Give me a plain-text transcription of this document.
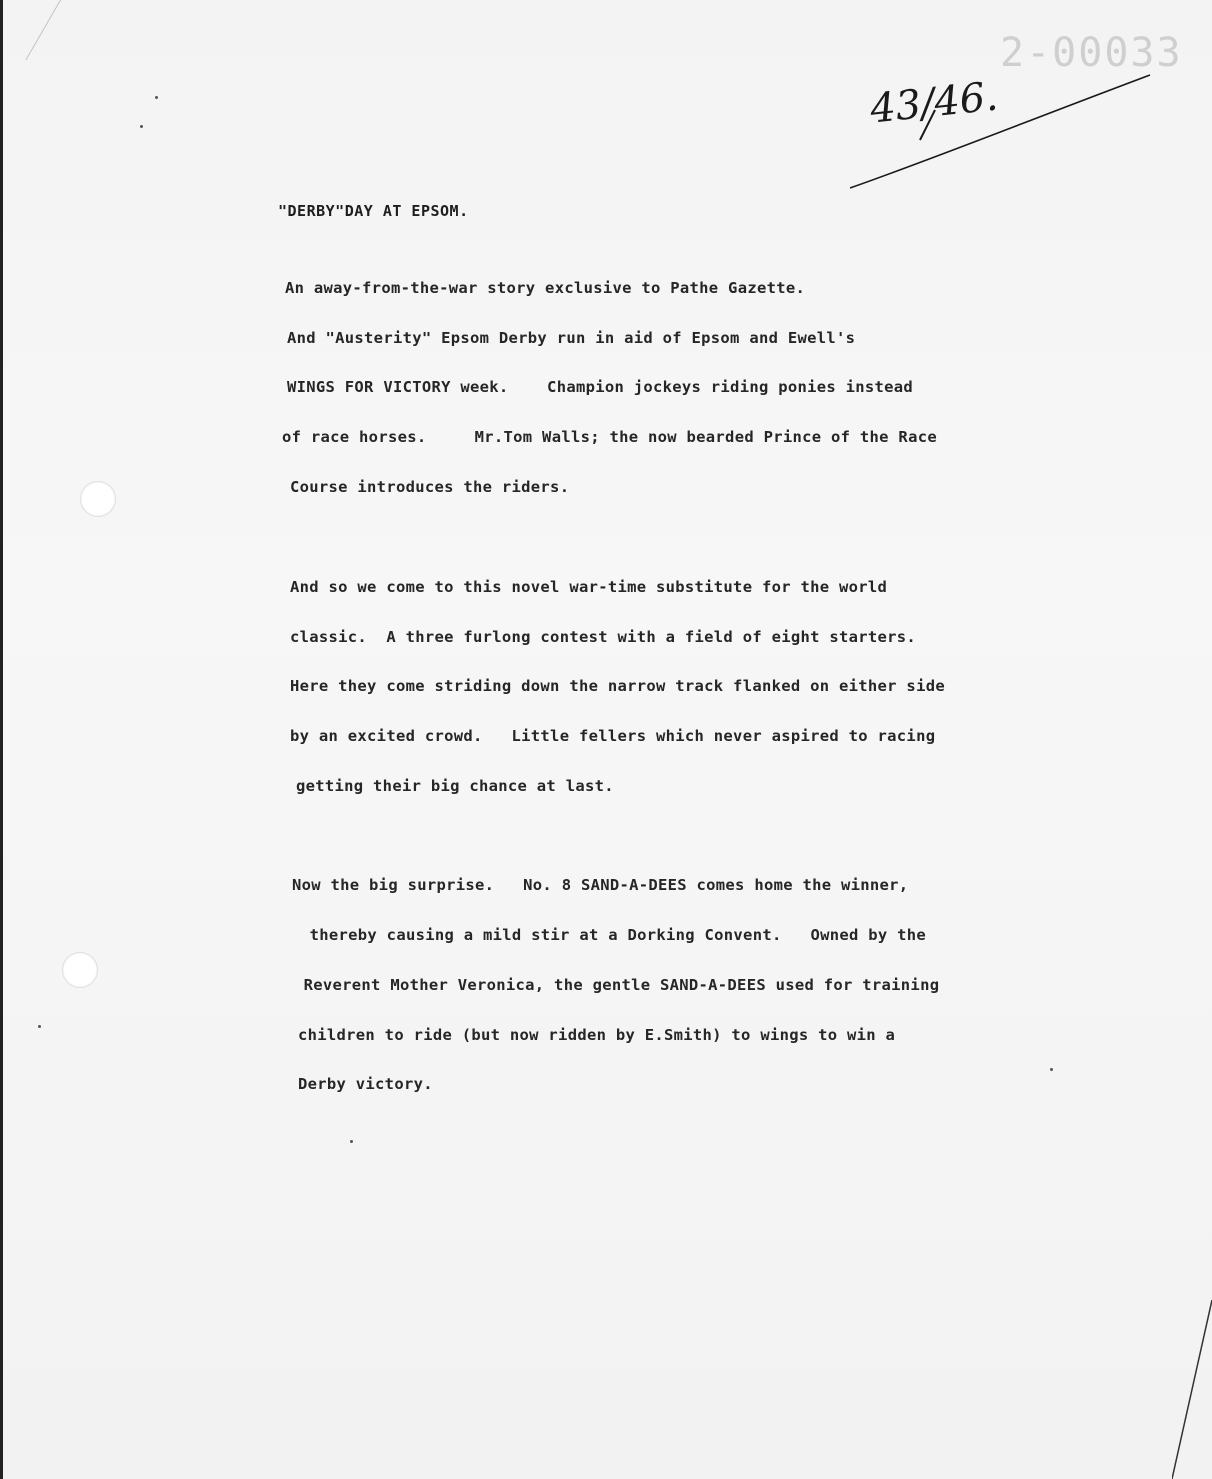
2-00033
43/46.
"DERBY"DAY AT EPSOM.
An away-from-the-war story exclusive to Pathe Gazette.
And "Austerity" Epsom Derby run in aid of Epsom and Ewell's
WINGS FOR VICTORY week.    Champion jockeys riding ponies instead
of race horses.     Mr.Tom Walls; the now bearded Prince of the Race
Course introduces the riders.
And so we come to this novel war-time substitute for the world
classic.  A three furlong contest with a field of eight starters.
Here they come striding down the narrow track flanked on either side
by an excited crowd.   Little fellers which never aspired to racing
getting their big chance at last.
Now the big surprise.   No. 8 SAND-A-DEES comes home the winner,
thereby causing a mild stir at a Dorking Convent.   Owned by the
Reverent Mother Veronica, the gentle SAND-A-DEES used for training
children to ride (but now ridden by E.Smith) to wings to win a
Derby victory.
